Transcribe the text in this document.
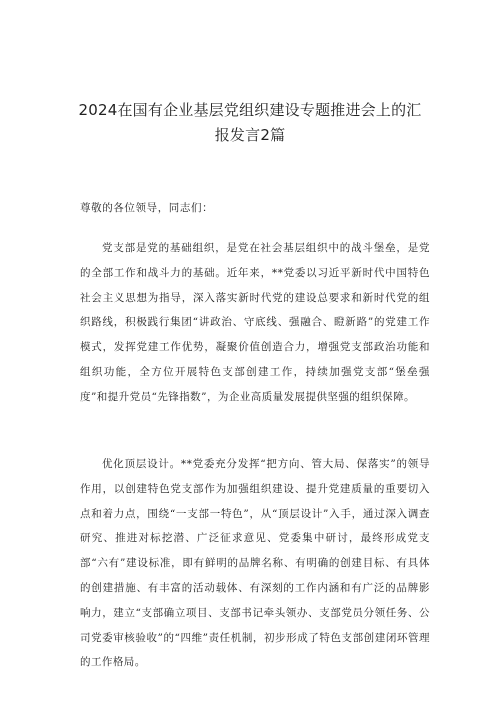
2024在国有企业基层党组织建设专题推进会上的汇
报发言2篇
尊敬的各位领导，同志们：

党支部是党的基础组织，是党在社会基层组织中的战斗堡垒，是党的全部工作和战斗力的基础。近年来，**党委以习近平新时代中国特色社会主义思想为指导，深入落实新时代党的建设总要求和新时代党的组织路线，积极践行集团“讲政治、守底线、强融合、瞪新路”的党建工作模式，发挥党建工作优势，凝聚价值创造合力，增强党支部政治功能和组织功能，全方位开展特色支部创建工作，持续加强党支部“堡垒强度”和提升党员“先锋指数”，为企业高质量发展提供坚强的组织保障。

优化顶层设计。**党委充分发挥“把方向、管大局、保落实”的领导作用，以创建特色党支部作为加强组织建设、提升党建质量的重要切入点和着力点，围绕“一支部一特色”，从“顶层设计”入手，通过深入调查研究、推进对标挖潜、广泛征求意见、党委集中研讨，最终形成党支部“六有”建设标准，即有鲜明的品牌名称、有明确的创建目标、有具体的创建措施、有丰富的活动载体、有深刻的工作内涵和有广泛的品牌影响力，建立“支部确立项目、支部书记牵头领办、支部党员分领任务、公司党委审核验收”的“四维”责任机制，初步形成了特色支部创建闭环管理的工作格局。
